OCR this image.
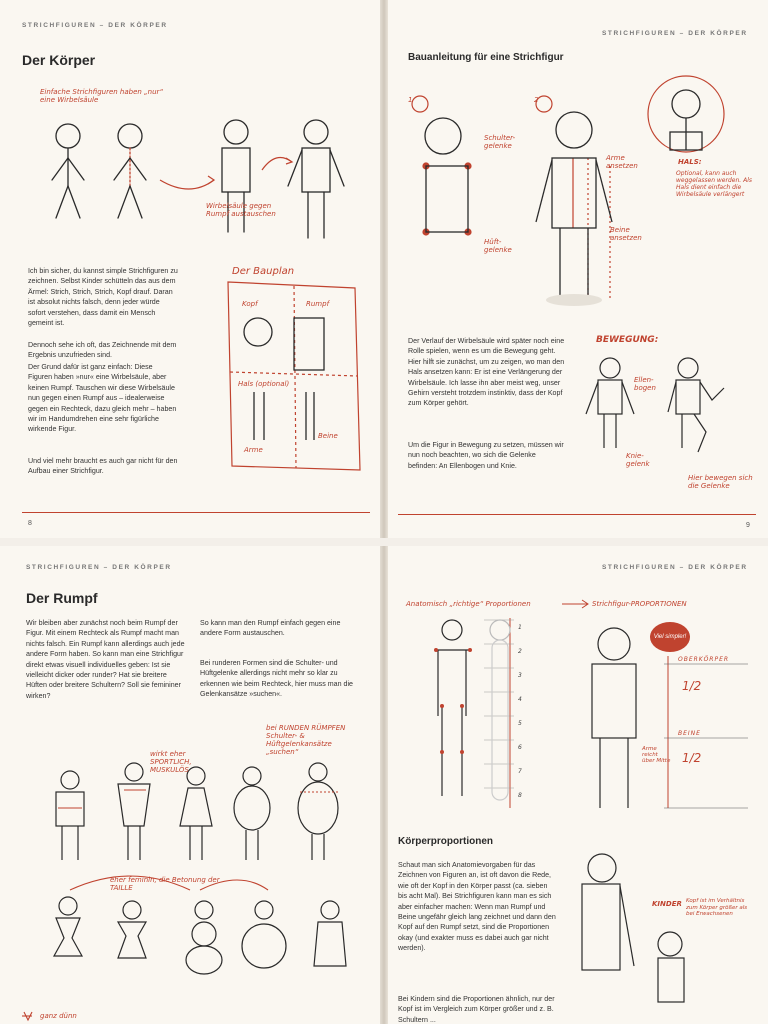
STRICHFIGUREN – DER KÖRPER
Der Körper
Einfache Strichfiguren haben „nur“ eine Wirbelsäule
Wirbelsäule gegen Rumpf austauschen
Der Bauplan
Kopf	Rumpf
Hals (optional)
Arme
Beine

Ich bin sicher, du kannst simple Strichfiguren zu zeichnen. Selbst Kinder schütteln das aus dem Ärmel: Strich, Strich, Strich, Kopf drauf. Daran ist absolut nichts falsch, denn jeder würde sofort verstehen, dass damit ein Mensch gemeint ist.

Dennoch sehe ich oft, das Zeichnende mit dem Ergebnis unzufrieden sind.

Der Grund dafür ist ganz einfach: Diese Figuren haben »nur« eine Wirbelsäule, aber keinen Rumpf. Tauschen wir diese Wirbelsäule nun gegen einen Rumpf aus – idealerweise gegen ein Rechteck, dazu gleich mehr – haben wir im Handumdrehen eine sehr figürliche wirkende Figur.

Und viel mehr braucht es auch gar nicht für den Aufbau einer Strichfigur.

8
STRICHFIGUREN – DER KÖRPER
Bauanleitung für eine Strichfigur
1	2
Schulter-gelenke
Hüft-gelenke
Arme ansetzen
Beine ansetzen
HALS:
Optional, kann auch weggelassen werden. Als Hals dient einfach die Wirbelsäule verlängert

Der Verlauf der Wirbelsäule wird später noch eine Rolle spielen, wenn es um die Bewegung geht. Hier hilft sie zunächst, um zu zeigen, wo man den Hals ansetzen kann: Er ist eine Verlängerung der Wirbelsäule. Ich lasse ihn aber meist weg, unser Gehirn versteht trotzdem instinktiv, dass der Kopf zum Körper gehört.

Um die Figur in Bewegung zu setzen, müssen wir nun noch beachten, wo sich die Gelenke befinden: An Ellenbogen und Knie.

BEWEGUNG:
Ellen-bogen
Knie-gelenk
Hier bewegen sich die Gelenke
9
STRICHFIGUREN – DER KÖRPER
Der Rumpf

Wir bleiben aber zunächst noch beim Rumpf der Figur. Mit einem Rechteck als Rumpf macht man nichts falsch. Ein Rumpf kann allerdings auch jede andere Form haben. So kann man eine Strichfigur direkt etwas visuell individuelles geben: Ist sie vielleicht dicker oder runder? Hat sie breitere Hüften oder breitere Schultern? Soll sie femininer wirken?

So kann man den Rumpf einfach gegen eine andere Form austauschen.

Bei runderen Formen sind die Schulter- und Hüftgelenke allerdings nicht mehr so klar zu erkennen wie beim Rechteck, hier muss man die Gelenkansätze »suchen«.

wirkt eher SPORTLICH, MUSKULÖS
bei RUNDEN RÜMPFEN Schulter- & Hüftgelenkansätze „suchen“
eher feminin, die Betonung der TAILLE
ganz dünn
STRICHFIGUREN – DER KÖRPER
Anatomisch „richtige“ Proportionen	Strichfigur-PROPORTIONEN
Viel simpler!
1
2
3
4
5
6
7
8
OBERKÖRPER
1/2
BEINE
1/2
Arme reicht über Mitte
Körperproportionen

Schaut man sich Anatomievorgaben für das Zeichnen von Figuren an, ist oft davon die Rede, wie oft der Kopf in den Körper passt (ca. sieben bis acht Mal). Bei Strichfiguren kann man es sich aber einfacher machen: Wenn man Rumpf und Beine ungefähr gleich lang zeichnet und dann den Kopf auf den Rumpf setzt, sind die Proportionen okay (und exakter muss es dabei auch gar nicht werden).

Bei Kindern sind die Proportionen ähnlich, nur der Kopf ist im Vergleich zum Körper größer und z. B. Schultern ...

KINDER Kopf ist im Verhältnis zum Körper größer als bei Erwachsenen
